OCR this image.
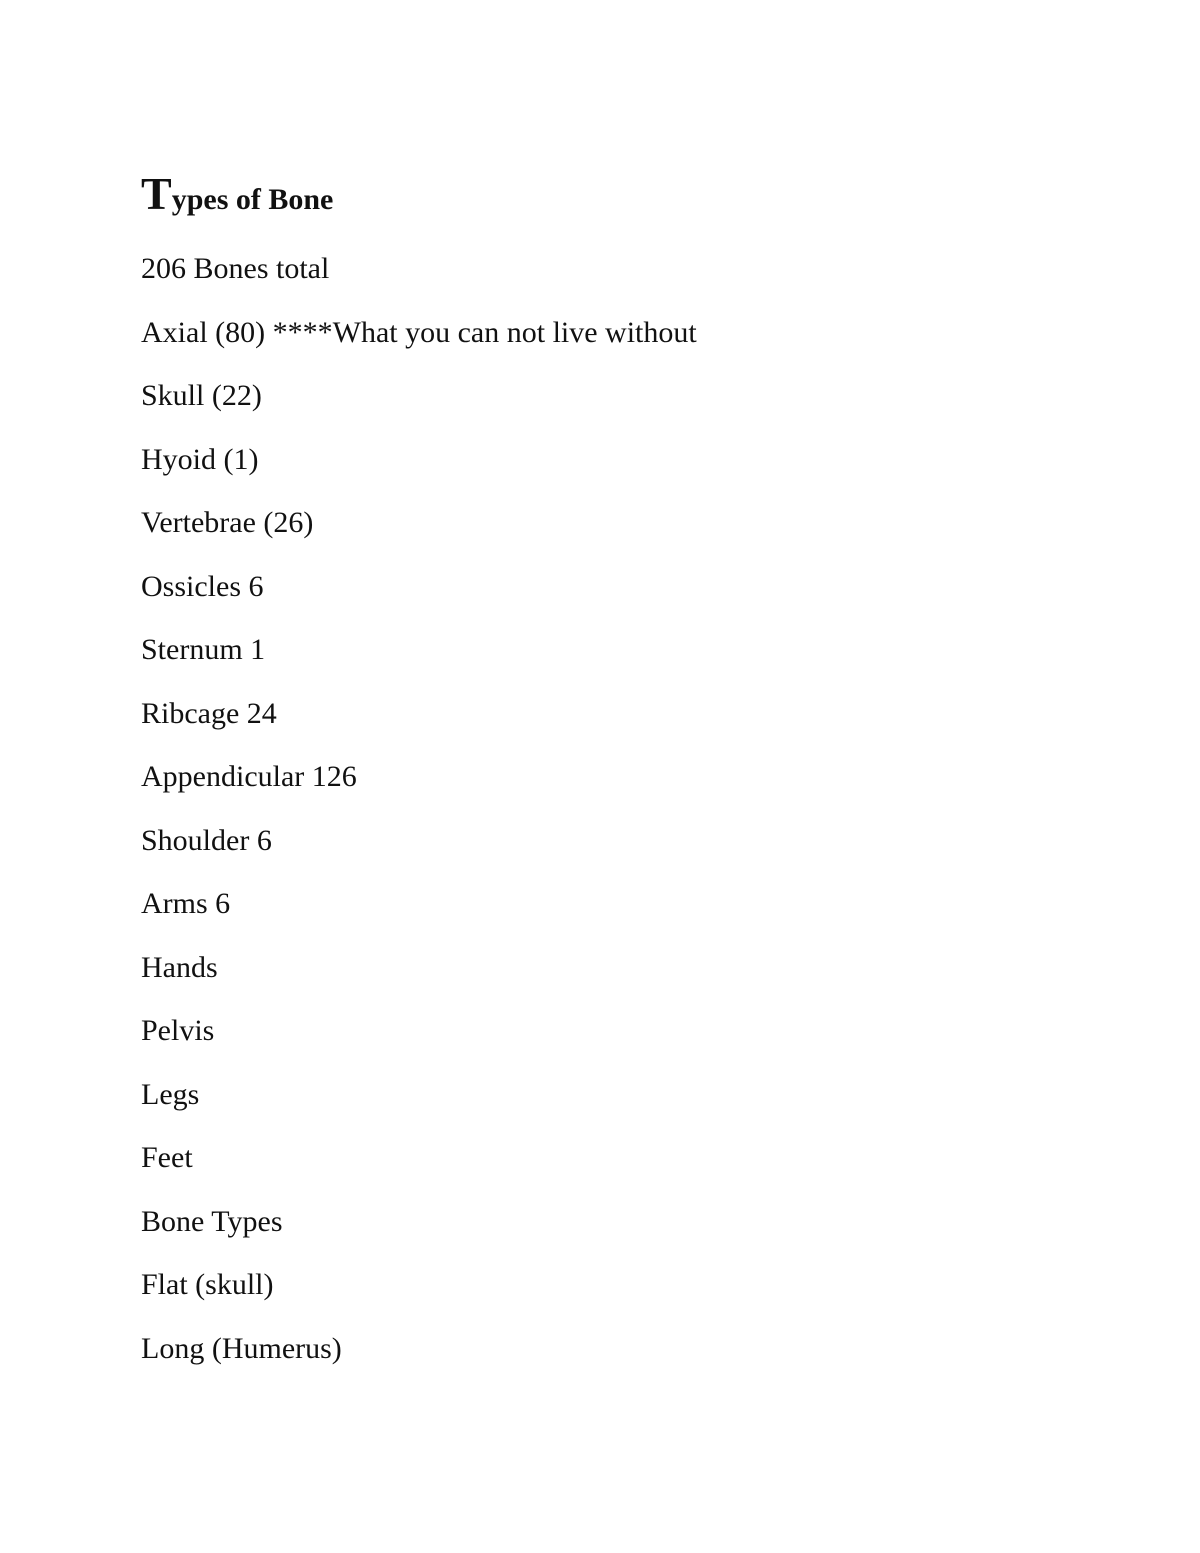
Types of Bone
206 Bones total
Axial (80) ****What you can not live without
Skull (22)
Hyoid (1)
Vertebrae (26)
Ossicles 6
Sternum 1
Ribcage 24
Appendicular 126
Shoulder 6
Arms 6
Hands
Pelvis
Legs
Feet
Bone Types
Flat (skull)
Long (Humerus)
